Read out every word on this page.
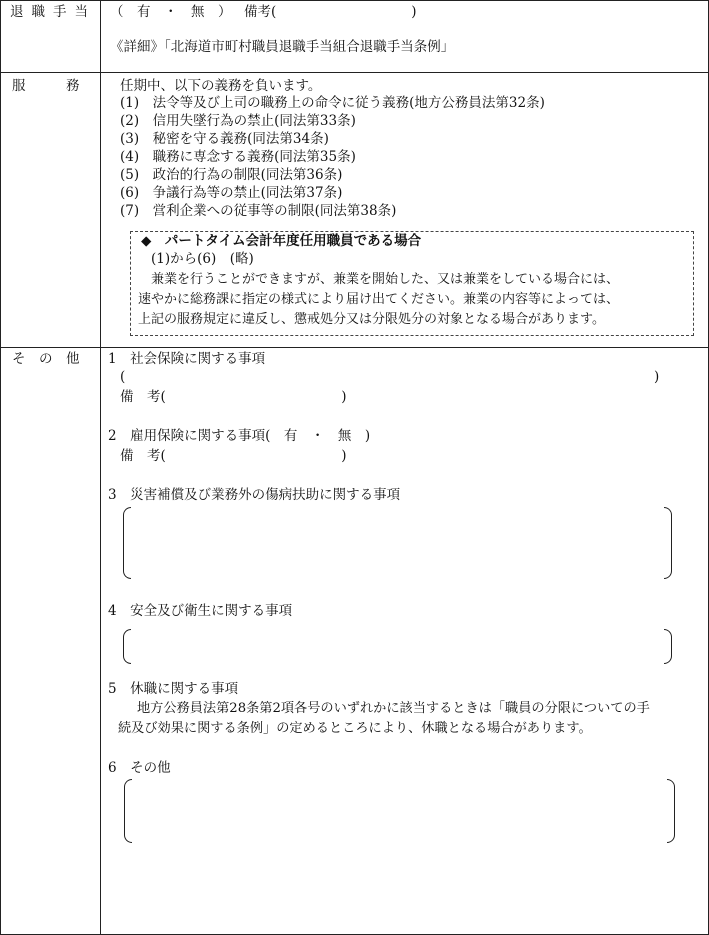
退職手当 （　有　・　無　） 備考(　　　　　　　　　　)
《詳細》「北海道市町村職員退職手当組合退職手当条例」
服　　　務	任期中、以下の義務を負います。
(1)　法令等及び上司の職務上の命令に従う義務(地方公務員法第32条)
(2)　信用失墜行為の禁止(同法第33条)
(3)　秘密を守る義務(同法第34条)
(4)　職務に専念する義務(同法第35条)
(5)　政治的行為の制限(同法第36条)
(6)　争議行為等の禁止(同法第37条)
(7)　営利企業への従事等の制限(同法第38条)
◆　パートタイム会計年度任用職員である場合
(1)から(6)　(略)
兼業を行うことができますが、兼業を開始した、又は兼業をしている場合には、
速やかに総務課に指定の様式により届け出てください。兼業の内容等によっては、
上記の服務規定に違反し、懲戒処分又は分限処分の対象となる場合があります。
そ　の　他 1　社会保険に関する事項
(	)
備　考(　　　　　　　　　　　　　)
2　雇用保険に関する事項(　有　・　無　)
備　考(　　　　　　　　　　　　　)
3　災害補償及び業務外の傷病扶助に関する事項
4　安全及び衛生に関する事項
5　休職に関する事項
地方公務員法第28条第2項各号のいずれかに該当するときは「職員の分限についての手
続及び効果に関する条例」の定めるところにより、休職となる場合があります。
6　その他
